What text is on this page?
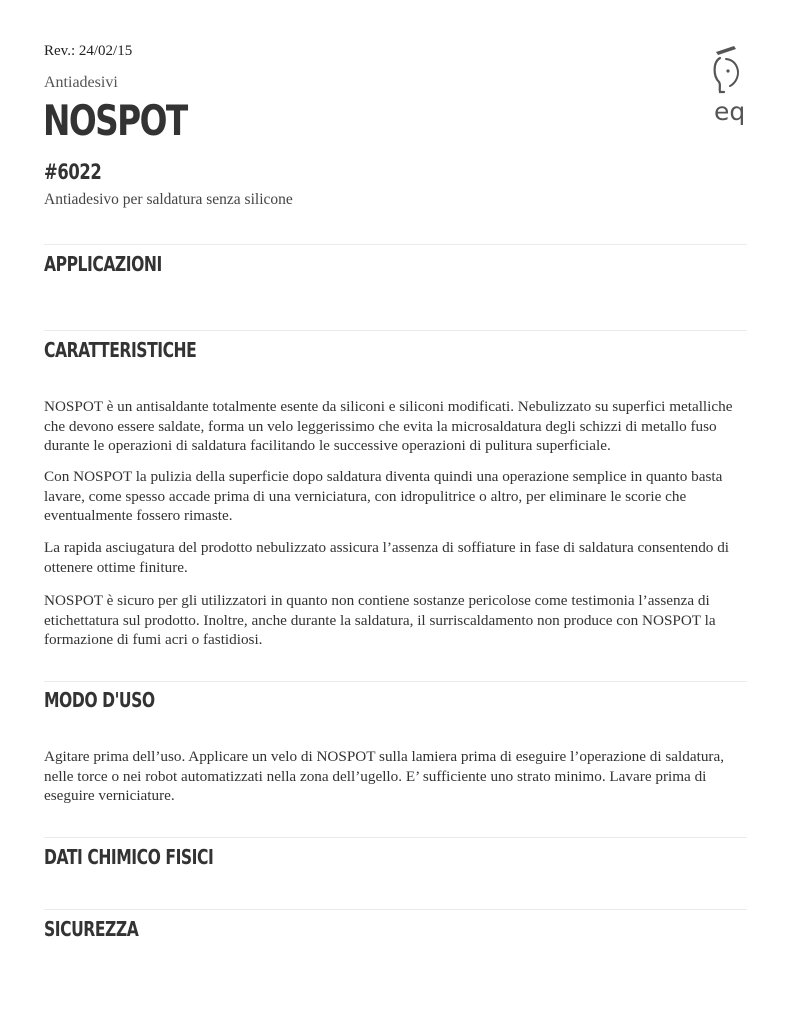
Rev.: 24/02/15
Antiadesivi
NOSPOT
#6022
Antiadesivo per saldatura senza silicone
APPLICAZIONI
CARATTERISTICHE

NOSPOT è un antisaldante totalmente esente da siliconi e siliconi modificati. Nebulizzato su superfici metalliche che devono essere saldate, forma un velo leggerissimo che evita la microsaldatura degli schizzi di metallo fuso durante le operazioni di saldatura facilitando le successive operazioni di pulitura superficiale.

Con NOSPOT la pulizia della superficie dopo saldatura diventa quindi una operazione semplice in quanto basta lavare, come spesso accade prima di una verniciatura, con idropulitrice o altro, per eliminare le scorie che eventualmente fossero rimaste.

La rapida asciugatura del prodotto nebulizzato assicura l’assenza di soffiature in fase di saldatura consentendo di ottenere ottime finiture.

NOSPOT è sicuro per gli utilizzatori in quanto non contiene sostanze pericolose come testimonia l’assenza di etichettatura sul prodotto. Inoltre, anche durante la saldatura, il surriscaldamento non produce con NOSPOT la formazione di fumi acri o fastidiosi.

MODO D'USO

Agitare prima dell’uso. Applicare un velo di NOSPOT sulla lamiera prima di eseguire l’operazione di saldatura, nelle torce o nei robot automatizzati nella zona dell’ugello. E’ sufficiente uno strato minimo. Lavare prima di eseguire verniciature.

DATI CHIMICO FISICI
SICUREZZA
eq
